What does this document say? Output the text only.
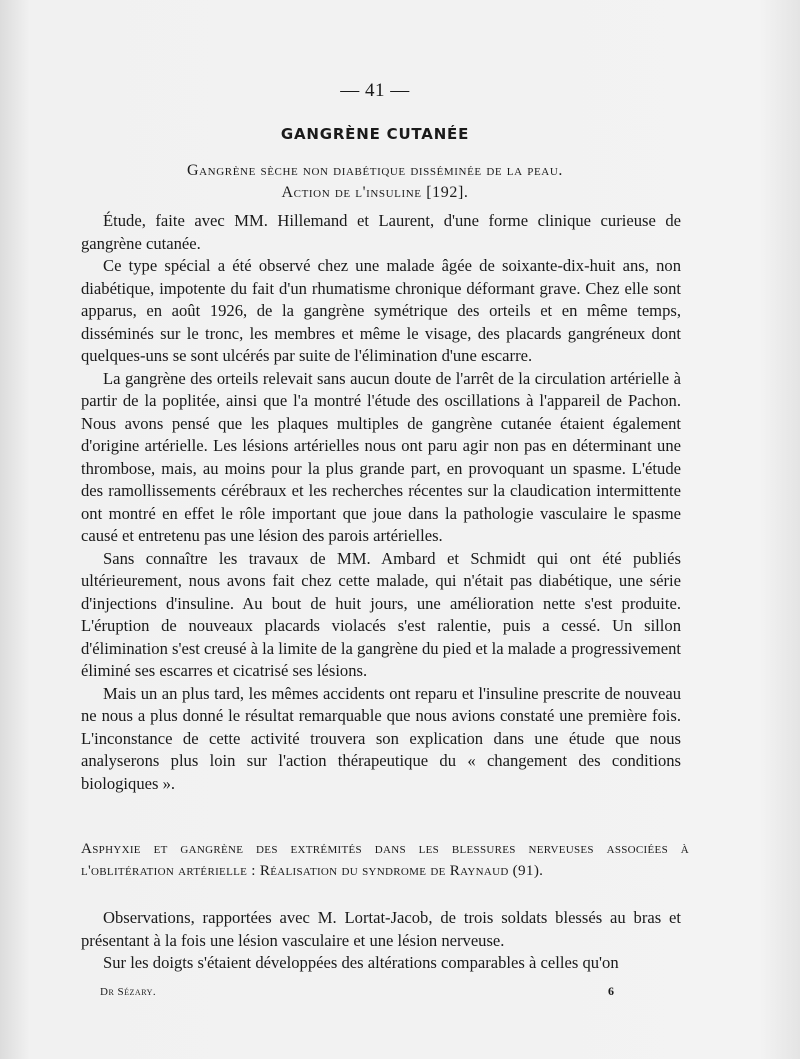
— 41 —
GANGRÈNE CUTANÉE
Gangrène sèche non diabétique disséminée de la peau.
Action de l'insuline [192].

Étude, faite avec MM. Hillemand et Laurent, d'une forme clinique curieuse de gangrène cutanée.

Ce type spécial a été observé chez une malade âgée de soixante-dix-huit ans, non diabétique, impotente du fait d'un rhumatisme chronique déformant grave. Chez elle sont apparus, en août 1926, de la gangrène symétrique des orteils et en même temps, disséminés sur le tronc, les membres et même le visage, des placards gangréneux dont quelques-uns se sont ulcérés par suite de l'élimination d'une escarre.

La gangrène des orteils relevait sans aucun doute de l'arrêt de la circulation artérielle à partir de la poplitée, ainsi que l'a montré l'étude des oscillations à l'appareil de Pachon. Nous avons pensé que les plaques multiples de gangrène cutanée étaient également d'origine artérielle. Les lésions artérielles nous ont paru agir non pas en déterminant une thrombose, mais, au moins pour la plus grande part, en provoquant un spasme. L'étude des ramollissements cérébraux et les recherches récentes sur la claudication intermittente ont montré en effet le rôle important que joue dans la pathologie vasculaire le spasme causé et entretenu pas une lésion des parois artérielles.

Sans connaître les travaux de MM. Ambard et Schmidt qui ont été publiés ultérieurement, nous avons fait chez cette malade, qui n'était pas diabétique, une série d'injections d'insuline. Au bout de huit jours, une amélioration nette s'est produite. L'éruption de nouveaux placards violacés s'est ralentie, puis a cessé. Un sillon d'élimination s'est creusé à la limite de la gangrène du pied et la malade a progressivement éliminé ses escarres et cicatrisé ses lésions.

Mais un an plus tard, les mêmes accidents ont reparu et l'insuline prescrite de nouveau ne nous a plus donné le résultat remarquable que nous avions constaté une première fois. L'inconstance de cette activité trouvera son explication dans une étude que nous analyserons plus loin sur l'action thérapeutique du « changement des conditions biologiques ».

Asphyxie et gangrène des extrémités dans les blessures nerveuses associées à l'oblitération artérielle : Réalisation du syndrome de Raynaud (91).

Observations, rapportées avec M. Lortat-Jacob, de trois soldats blessés au bras et présentant à la fois une lésion vasculaire et une lésion nerveuse.

Sur les doigts s'étaient développées des altérations comparables à celles qu'on

Dr Sézary.	6
